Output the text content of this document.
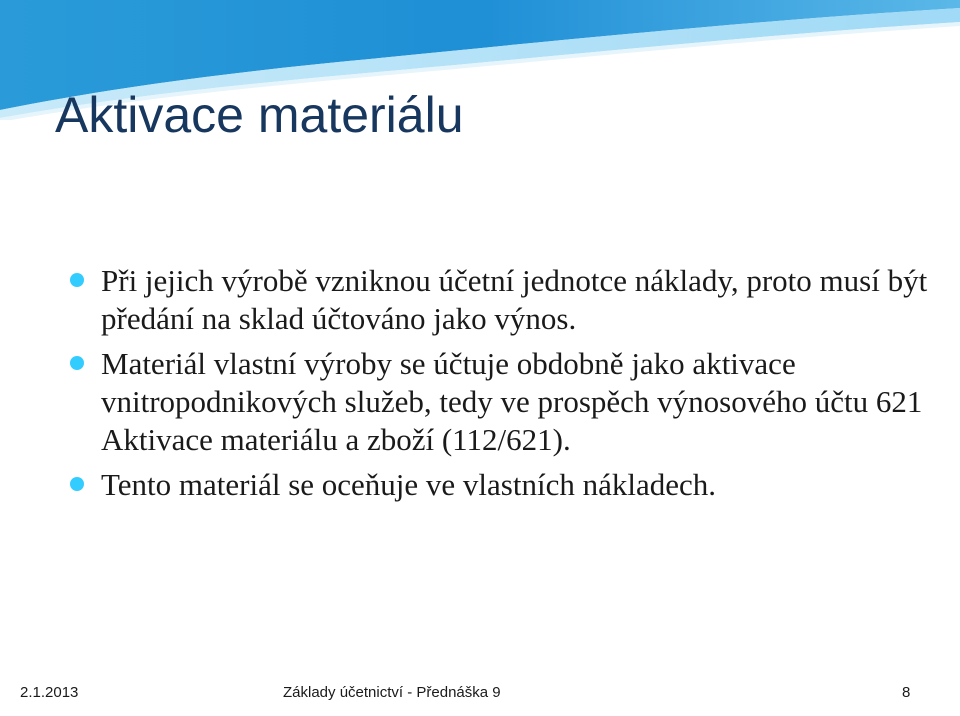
Aktivace materiálu
Při jejich výrobě vzniknou účetní jednotce náklady, proto musí být předání na sklad účtováno jako výnos.
Materiál vlastní výroby se účtuje obdobně jako aktivace vnitropodnikových služeb, tedy ve prospěch výnosového účtu 621 Aktivace materiálu a zboží (112/621).
Tento materiál se oceňuje ve vlastních nákladech.
2.1.2013	Základy účetnictví - Přednáška 9	8
